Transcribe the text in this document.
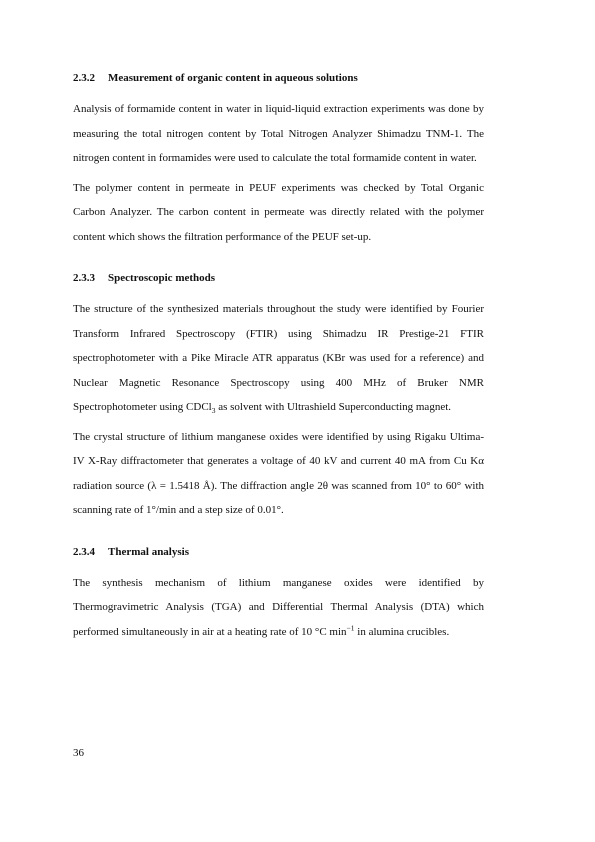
2.3.2 Measurement of organic content in aqueous solutions

Analysis of formamide content in water in liquid-liquid extraction experiments was done by measuring the total nitrogen content by Total Nitrogen Analyzer Shimadzu TNM-1. The nitrogen content in formamides were used to calculate the total formamide content in water.

The polymer content in permeate in PEUF experiments was checked by Total Organic Carbon Analyzer. The carbon content in permeate was directly related with the polymer content which shows the filtration performance of the PEUF set-up.

2.3.3 Spectroscopic methods

The structure of the synthesized materials throughout the study were identified by Fourier Transform Infrared Spectroscopy (FTIR) using Shimadzu IR Prestige-21 FTIR spectrophotometer with a Pike Miracle ATR apparatus (KBr was used for a reference) and Nuclear Magnetic Resonance Spectroscopy using 400 MHz of Bruker NMR Spectrophotometer using CDCl$_3$ as solvent with Ultrashield Superconducting magnet.

The crystal structure of lithium manganese oxides were identified by using Rigaku Ultima-IV X-Ray diffractometer that generates a voltage of 40 kV and current 40 mA from Cu Kα radiation source (λ = 1.5418 Å). The diffraction angle 2θ was scanned from 10° to 60° with scanning rate of 1°/min and a step size of 0.01°.

2.3.4 Thermal analysis

The synthesis mechanism of lithium manganese oxides were identified by Thermogravimetric Analysis (TGA) and Differential Thermal Analysis (DTA) which performed simultaneously in air at a heating rate of 10 °C $\min^{-1}$ in alumina crucibles.

36
